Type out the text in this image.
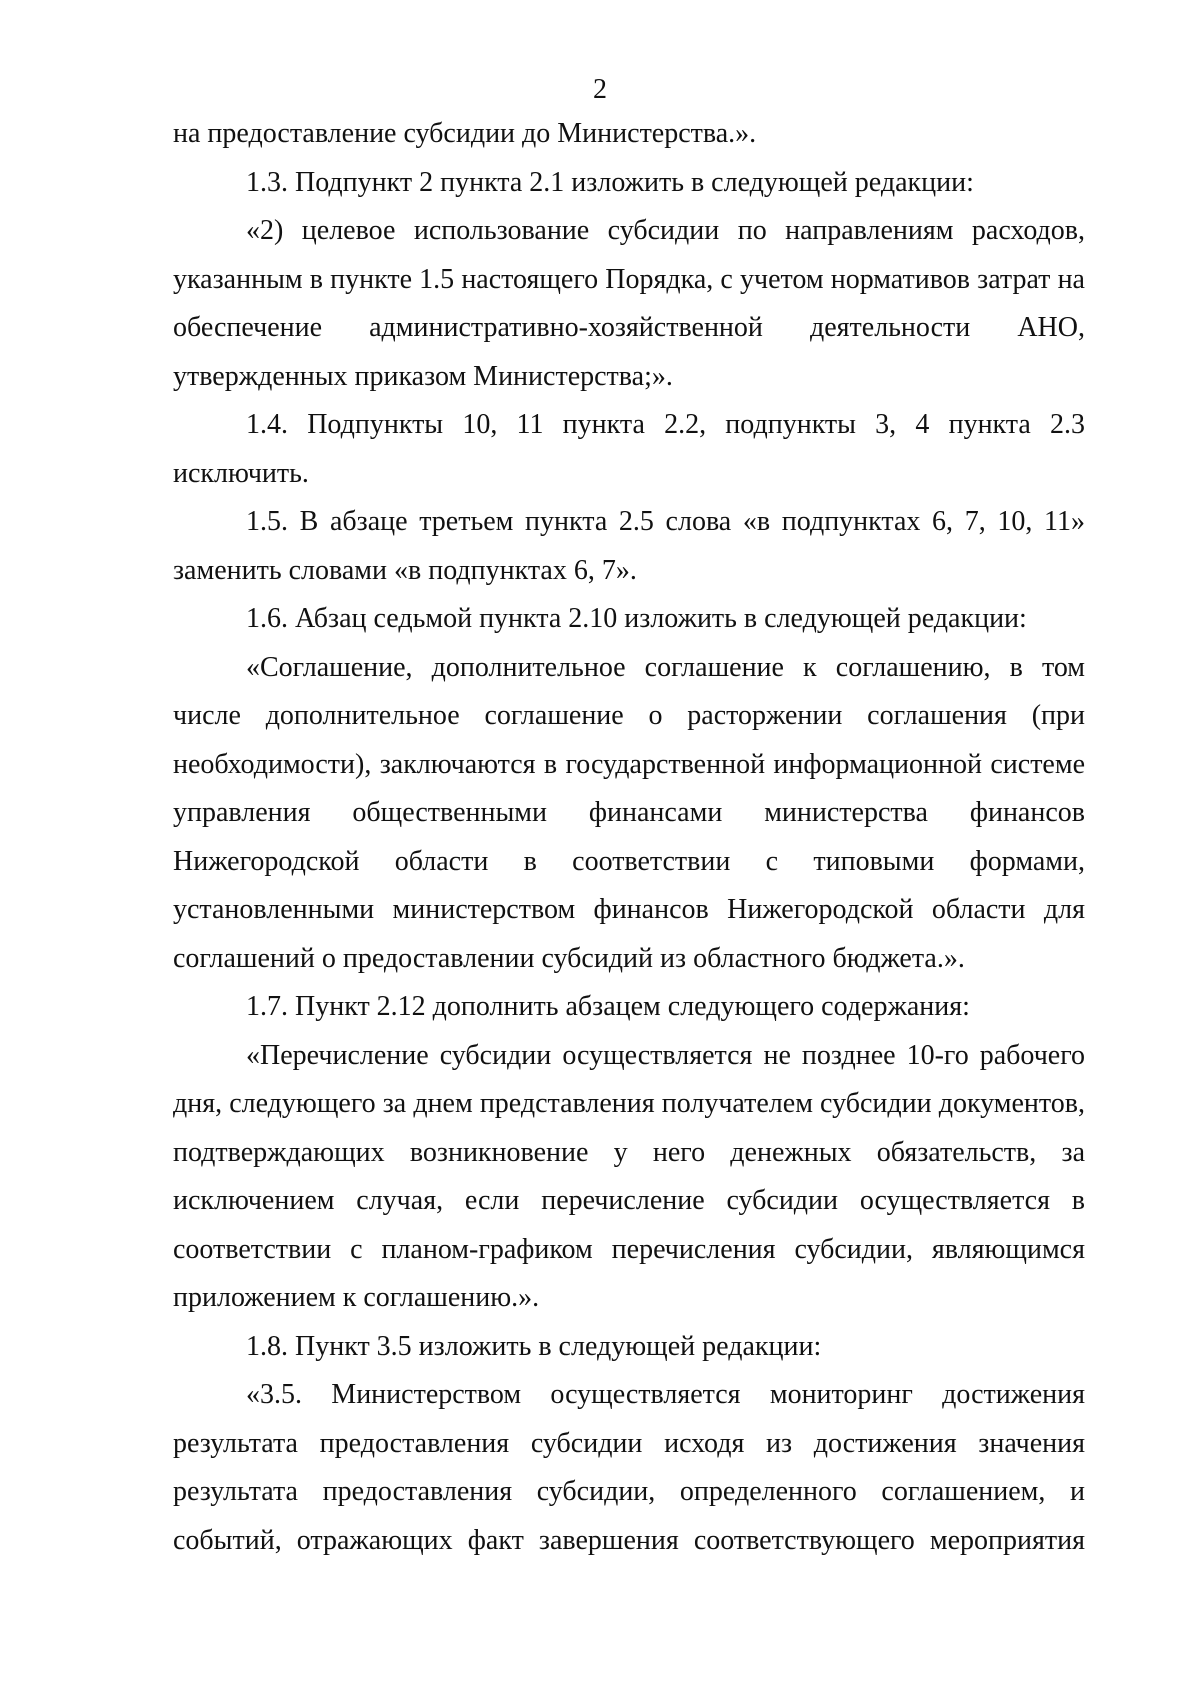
2

на предоставление субсидии до Министерства.».

1.3. Подпункт 2 пункта 2.1 изложить в следующей редакции:

«2) целевое использование субсидии по направлениям расходов, указанным в пункте 1.5 настоящего Порядка, с учетом нормативов затрат на обеспечение административно-хозяйственной деятельности АНО, утвержденных приказом Министерства;».

1.4. Подпункты 10, 11 пункта 2.2, подпункты 3, 4 пункта 2.3 исключить.

1.5. В абзаце третьем пункта 2.5 слова «в подпунктах 6, 7, 10, 11» заменить словами «в подпунктах 6, 7».

1.6. Абзац седьмой пункта 2.10 изложить в следующей редакции:

«Соглашение, дополнительное соглашение к соглашению, в том числе дополнительное соглашение о расторжении соглашения (при необходимости), заключаются в государственной информационной системе управления общественными финансами министерства финансов Нижегородской области в соответствии с типовыми формами, установленными министерством финансов Нижегородской области для соглашений о предоставлении субсидий из областного бюджета.».

1.7. Пункт 2.12 дополнить абзацем следующего содержания:

«Перечисление субсидии осуществляется не позднее 10-го рабочего дня, следующего за днем представления получателем субсидии документов, подтверждающих возникновение у него денежных обязательств, за исключением случая, если перечисление субсидии осуществляется в соответствии с планом-графиком перечисления субсидии, являющимся приложением к соглашению.».

1.8. Пункт 3.5 изложить в следующей редакции:

«3.5. Министерством осуществляется мониторинг достижения результата предоставления субсидии исходя из достижения значения результата предоставления субсидии, определенного соглашением, и событий, отражающих факт завершения соответствующего мероприятия
